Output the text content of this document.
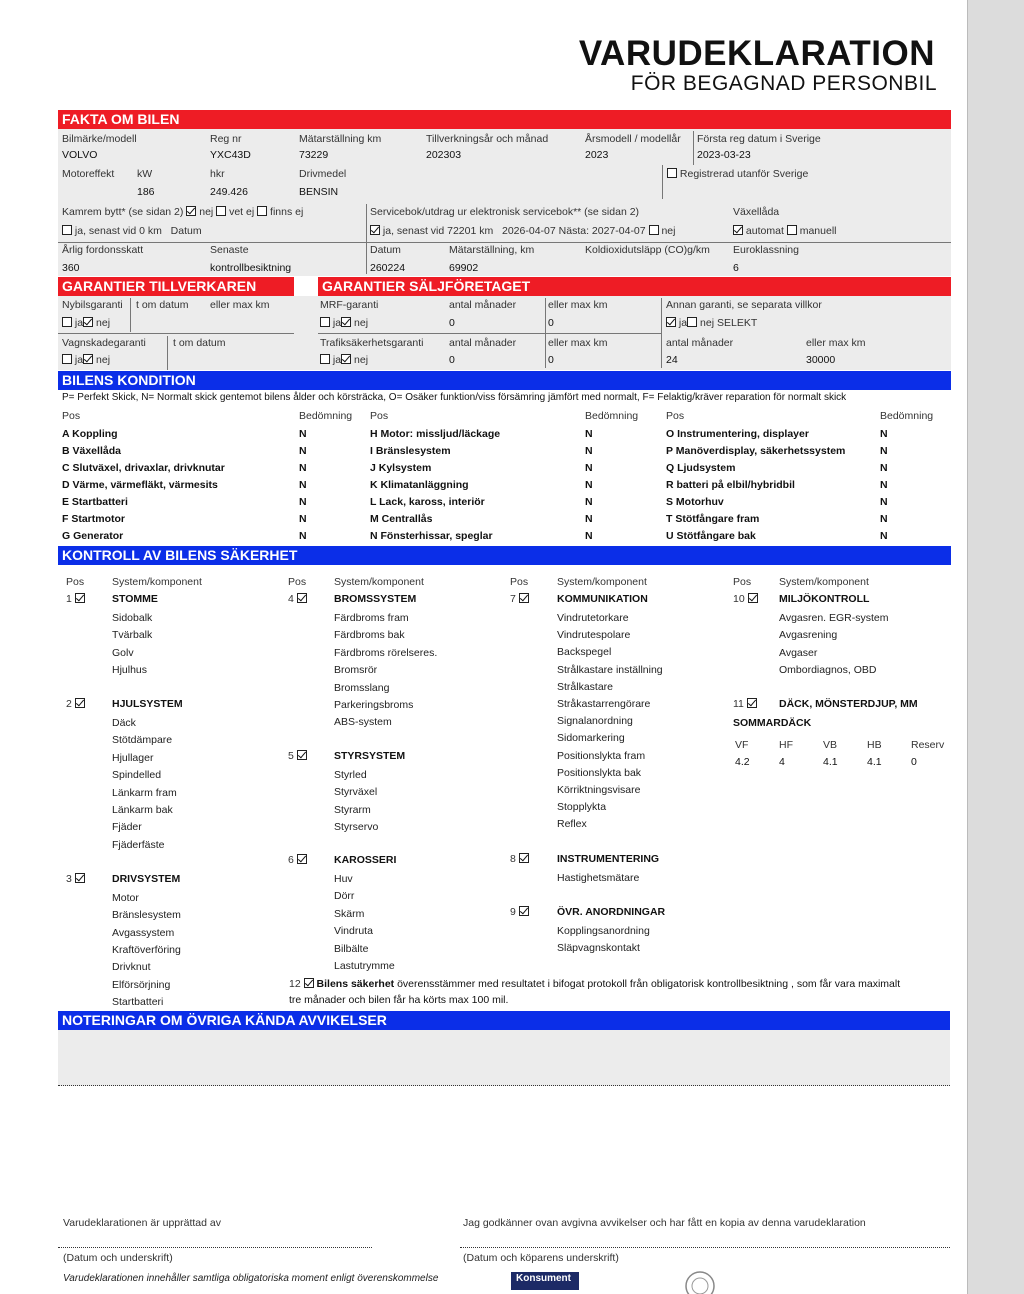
VARUDEKLARATION
FÖR BEGAGNAD PERSONBIL
FAKTA OM BILEN
Bilmärke/modell
VOLVO
Reg nr
YXC43D
Mätarställning km
73229
Tillverkningsår och månad
202303
Årsmodell / modellår
2023
Första reg datum i Sverige
2023-03-23
Motoreffekt kW
186
hkr
249.426
Drivmedel
BENSIN
Registrerad utanför Sverige
Kamrem bytt* (se sidan 2) nej vet ej finns ej
ja, senast vid 0 km Datum
Servicebok/utdrag ur elektronisk servicebok** (se sidan 2)
ja, senast vid 72201 km 2026-04-07 Nästa: 2027-04-07 nej
Växellåda
automat manuell
Årlig fordonsskatt
360
Senaste
kontrollbesiktning
Datum
260224
Mätarställning, km
69902
Koldioxidutsläpp (CO)g/km Euroklassning
6
GARANTIER TILLVERKAREN	GARANTIER SÄLJFÖRETAGET
Nybilsgaranti t om datum eller max km
ja nej
Vagnskadegaranti	t om datum
ja nej
MRF-garanti	antal månader	eller max km
ja nej	0	0
Trafiksäkerhetsgaranti antal månader	eller max km
ja nej	0	0
Annan garanti, se separata villkor
ja nej SELEKT
antal månader	eller max km
24	30000
BILENS KONDITION
P= Perfekt Skick, N= Normalt skick gentemot bilens ålder och körsträcka, O= Osäker funktion/viss försämring jämfört med normalt, F= Felaktig/kräver reparation för normalt skick
Pos	Bedömning Pos	Bedömning	Pos	Bedömning
A Koppling	N
B Växellåda	N
C Slutväxel, drivaxlar, drivknutar	N
D Värme, värmefläkt, värmesits	N
E Startbatteri	N
F Startmotor	N
G Generator	N
H Motor: missljud/läckage	N
I Bränslesystem	N
J Kylsystem	N
K Klimatanläggning	N
L Lack, kaross, interiör	N
M Centrallås	N
N Fönsterhissar, speglar	N
O Instrumentering, displayer	N
P Manöverdisplay, säkerhetssystem	N
Q Ljudsystem	N
R batteri på elbil/hybridbil	N
S Motorhuv	N
T Stötfångare fram	N
U Stötfångare bak	N
KONTROLL AV BILENS SÄKERHET
Pos	System/komponent	Pos	System/komponent	Pos	System/komponent	Pos	System/komponent
1	STOMME
Sidobalk
Tvärbalk
Golv
Hjulhus
2	HJULSYSTEM
Däck
Stötdämpare
Hjullager
Spindelled
Länkarm fram
Länkarm bak
Fjäder
Fjäderfäste
3	DRIVSYSTEM
Motor
Bränslesystem
Avgassystem
Kraftöverföring
Drivknut
Elförsörjning
Startbatteri
4	BROMSSYSTEM
Färdbroms fram
Färdbroms bak
Färdbroms rörelseres.
Bromsrör
Bromsslang
Parkeringsbroms
ABS-system
5	STYRSYSTEM
Styrled
Styrväxel
Styrarm
Styrservo
6	KAROSSERI
Huv
Dörr
Skärm
Vindruta
Bilbälte
Lastutrymme
7	KOMMUNIKATION
Vindrutetorkare
Vindrutespolare
Backspegel
Strålkastare inställning
Strålkastare
Stråkastarrengörare
Signalanordning
Sidomarkering
Positionslykta fram
Positionslykta bak
Körriktningsvisare
Stopplykta
Reflex
8	INSTRUMENTERING
Hastighetsmätare
9	ÖVR. ANORDNINGAR
Kopplingsanordning
Släpvagnskontakt
10	MILJÖKONTROLL
Avgasren. EGR-system
Avgasrening
Avgaser
Ombordiagnos, OBD
11	DÄCK, MÖNSTERDJUP, MM
VF	HF	VB	HB	Reserv
4.2	4	4.1	4.1	0
SOMMARDÄCK
12 Bilens säkerhet överensstämmer med resultatet i bifogat protokoll från obligatorisk kontrollbesiktning , som får vara maximalt
tre månader och bilen får ha körts max 100 mil.
NOTERINGAR OM ÖVRIGA KÄNDA AVVIKELSER
Varudeklarationen är upprättad av	Jag godkänner ovan avgivna avvikelser och har fått en kopia av denna varudeklaration
(Datum och underskrift)	(Datum och köparens underskrift)
Varudeklarationen innehåller samtliga obligatoriska moment enligt överenskommelse	Konsument
